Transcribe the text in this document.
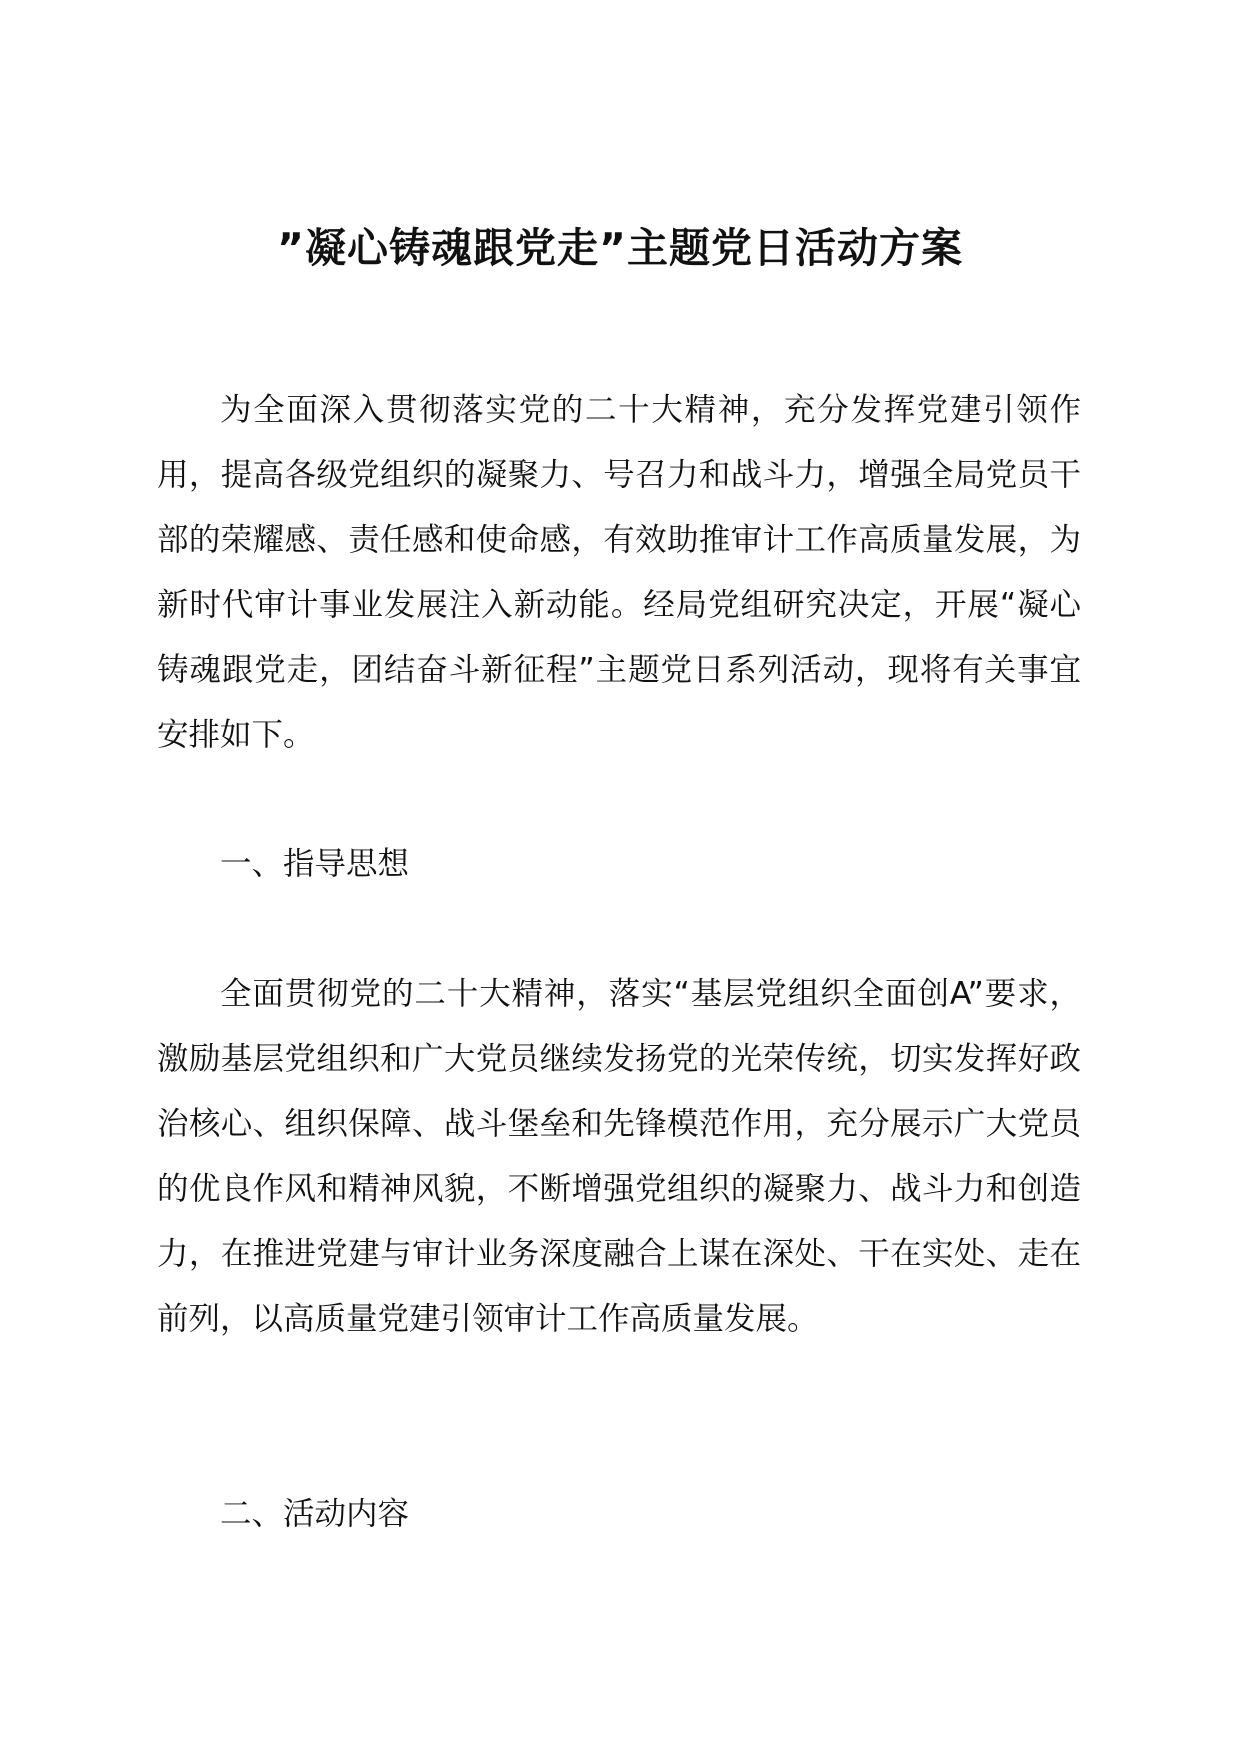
”凝心铸魂跟党走”主题党日活动方案

为全面深入贯彻落实党的二十大精神，充分发挥党建引领作用，提高各级党组织的凝聚力、号召力和战斗力，增强全局党员干部的荣耀感、责任感和使命感，有效助推审计工作高质量发展，为新时代审计事业发展注入新动能。经局党组研究决定，开展“凝心铸魂跟党走，团结奋斗新征程”主题党日系列活动，现将有关事宜安排如下。

一、指导思想

全面贯彻党的二十大精神，落实“基层党组织全面创A”要求，激励基层党组织和广大党员继续发扬党的光荣传统，切实发挥好政治核心、组织保障、战斗堡垒和先锋模范作用，充分展示广大党员的优良作风和精神风貌，不断增强党组织的凝聚力、战斗力和创造力，在推进党建与审计业务深度融合上谋在深处、干在实处、走在前列，以高质量党建引领审计工作高质量发展。

二、活动内容
